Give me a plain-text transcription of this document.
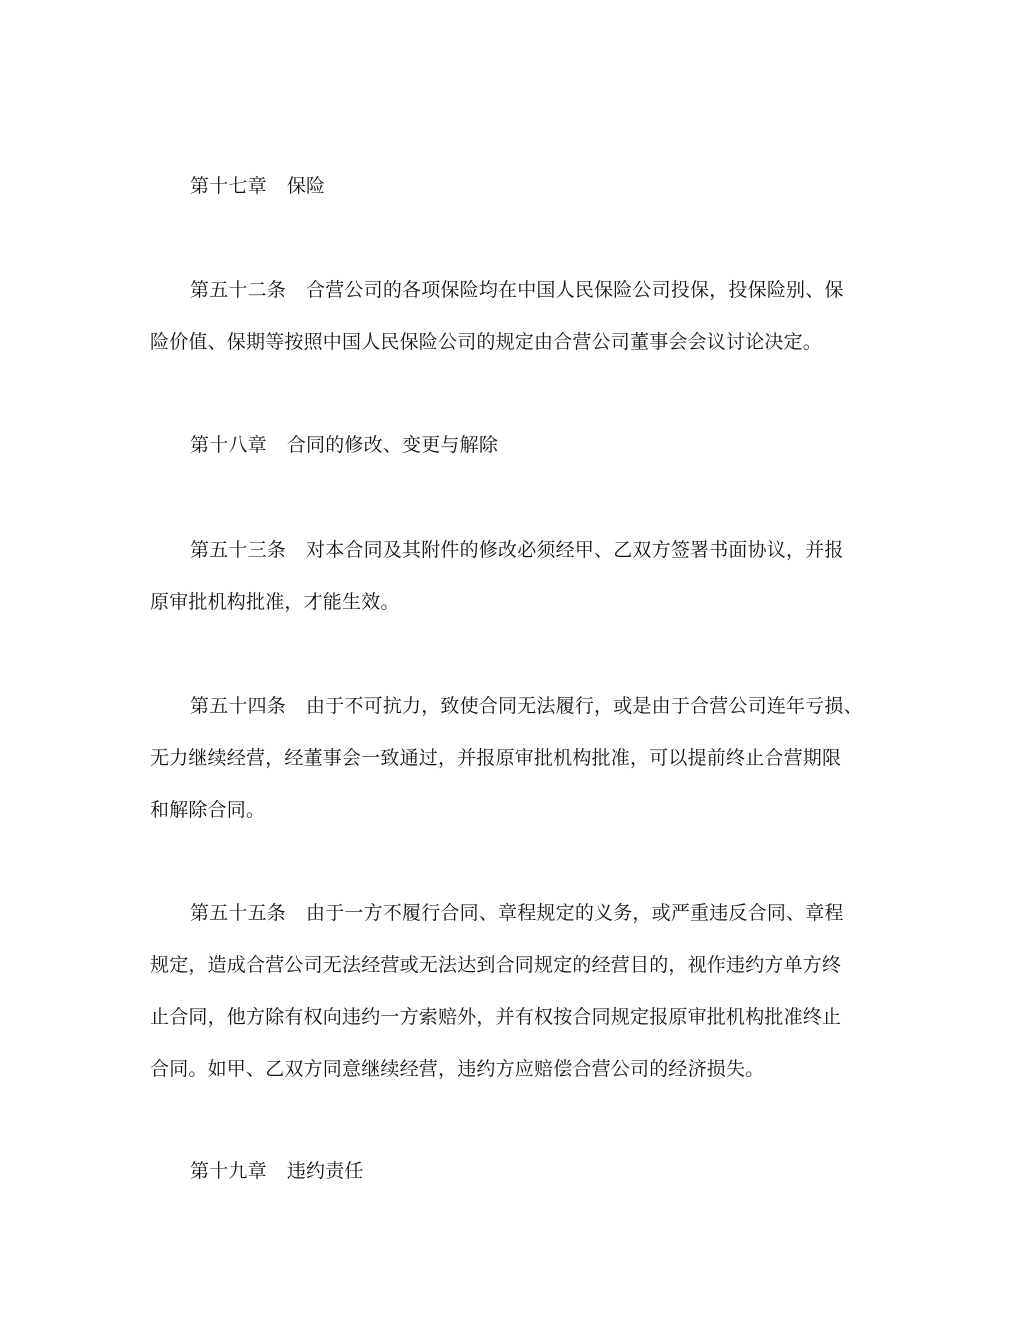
第十七章 保险
第五十二条 合营公司的各项保险均在中国人民保险公司投保，投保险别、保
险价值、保期等按照中国人民保险公司的规定由合营公司董事会会议讨论决定。
第十八章 合同的修改、变更与解除
第五十三条 对本合同及其附件的修改必须经甲、乙双方签署书面协议，并报
原审批机构批准，才能生效。
第五十四条 由于不可抗力，致使合同无法履行，或是由于合营公司连年亏损、
无力继续经营，经董事会一致通过，并报原审批机构批准，可以提前终止合营期限
和解除合同。
第五十五条 由于一方不履行合同、章程规定的义务，或严重违反合同、章程
规定，造成合营公司无法经营或无法达到合同规定的经营目的，视作违约方单方终
止合同，他方除有权向违约一方索赔外，并有权按合同规定报原审批机构批准终止
合同。如甲、乙双方同意继续经营，违约方应赔偿合营公司的经济损失。
第十九章 违约责任
